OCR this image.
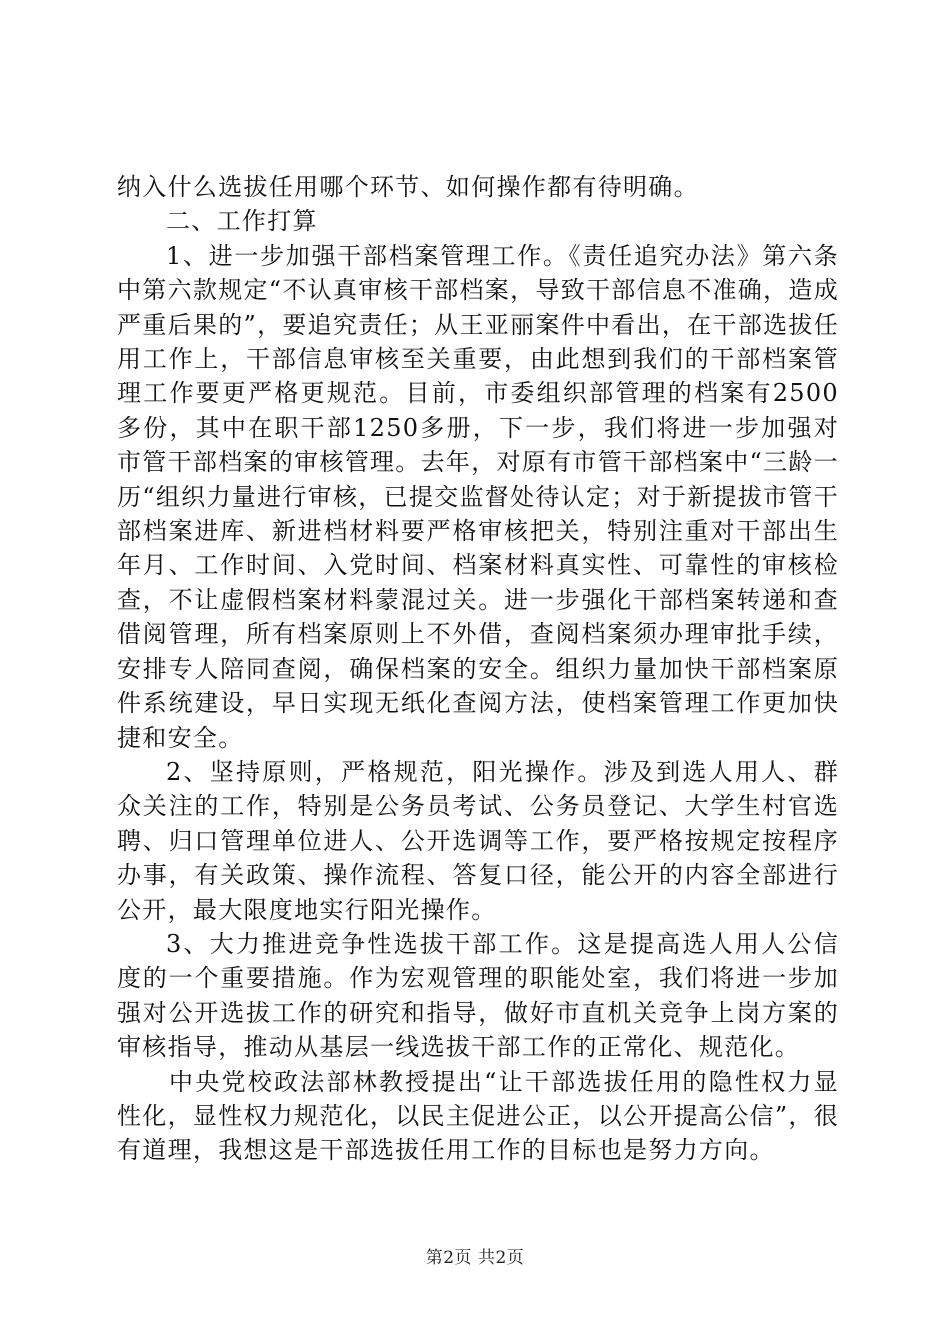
纳入什么选拔任用哪个环节、如何操作都有待明确。

二、工作打算

1、进一步加强干部档案管理工作。《责任追究办法》第六条中第六款规定“不认真审核干部档案，导致干部信息不准确，造成严重后果的”，要追究责任；从王亚丽案件中看出，在干部选拔任用工作上，干部信息审核至关重要，由此想到我们的干部档案管理工作要更严格更规范。目前，市委组织部管理的档案有2500多份，其中在职干部1250多册，下一步，我们将进一步加强对市管干部档案的审核管理。去年，对原有市管干部档案中“三龄一历“组织力量进行审核，已提交监督处待认定；对于新提拔市管干部档案进库、新进档材料要严格审核把关，特别注重对干部出生年月、工作时间、入党时间、档案材料真实性、可靠性的审核检查，不让虚假档案材料蒙混过关。进一步强化干部档案转递和查借阅管理，所有档案原则上不外借，查阅档案须办理审批手续，安排专人陪同查阅，确保档案的安全。组织力量加快干部档案原件系统建设，早日实现无纸化查阅方法，使档案管理工作更加快捷和安全。

2、坚持原则，严格规范，阳光操作。涉及到选人用人、群众关注的工作，特别是公务员考试、公务员登记、大学生村官选聘、归口管理单位进人、公开选调等工作，要严格按规定按程序办事，有关政策、操作流程、答复口径，能公开的内容全部进行公开，最大限度地实行阳光操作。

3、大力推进竞争性选拔干部工作。这是提高选人用人公信度的一个重要措施。作为宏观管理的职能处室，我们将进一步加强对公开选拔工作的研究和指导，做好市直机关竞争上岗方案的审核指导，推动从基层一线选拔干部工作的正常化、规范化。

中央党校政法部林教授提出“让干部选拔任用的隐性权力显性化，显性权力规范化，以民主促进公正，以公开提高公信”，很有道理，我想这是干部选拔任用工作的目标也是努力方向。

第2页 共2页
